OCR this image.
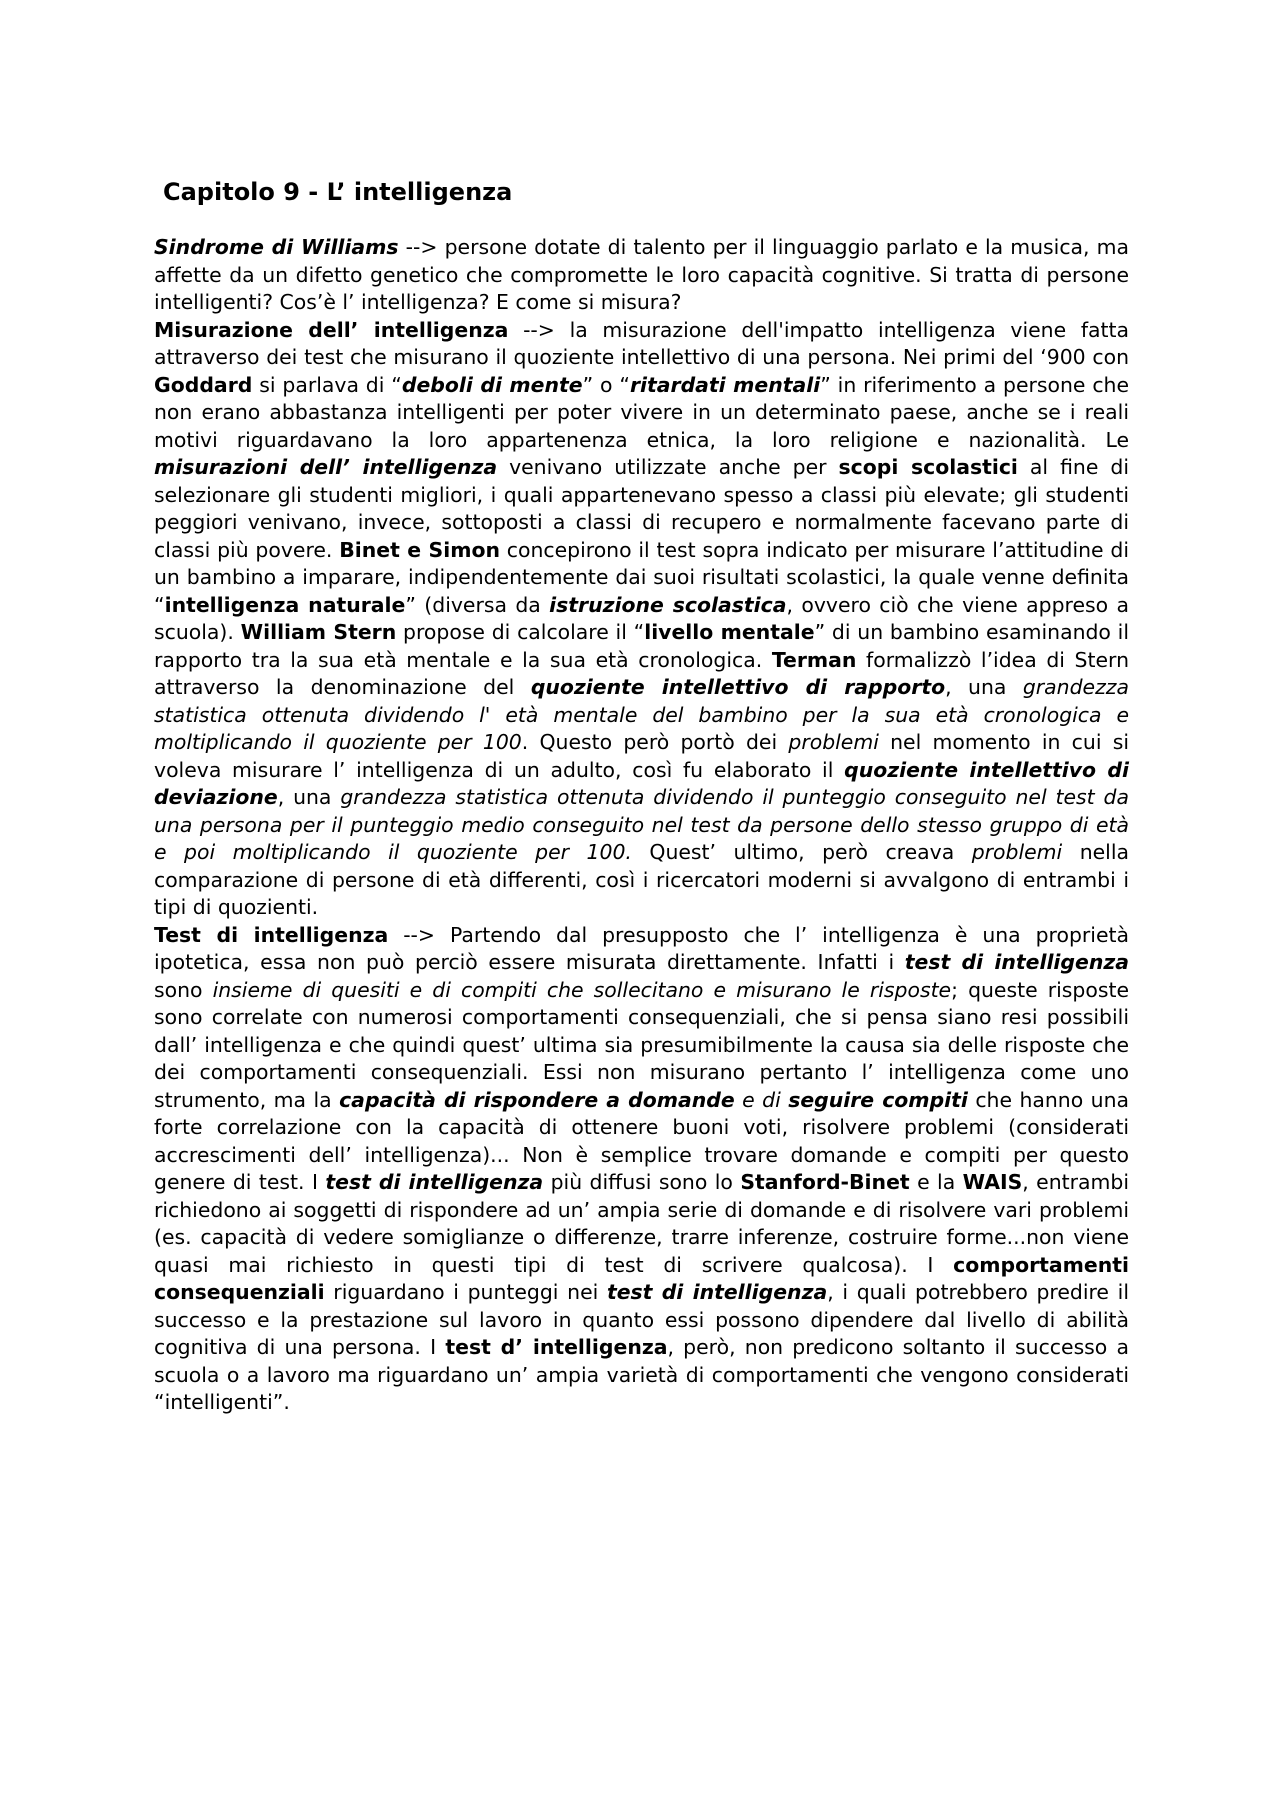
Capitolo 9 - L’ intelligenza

Sindrome di Williams --> persone dotate di talento per il linguaggio parlato e la musica, ma affette da un difetto genetico che compromette le loro capacità cognitive. Si tratta di persone intelligenti? Cos’è l’ intelligenza? E come si misura?

Misurazione dell’ intelligenza --> la misurazione dell'impatto intelligenza viene fatta attraverso dei test che misurano il quoziente intellettivo di una persona. Nei primi del ‘900 con Goddard si parlava di “deboli di mente” o “ritardati mentali” in riferimento a persone che non erano abbastanza intelligenti per poter vivere in un determinato paese, anche se i reali motivi riguardavano la loro appartenenza etnica, la loro religione e nazionalità. Le misurazioni dell’ intelligenza venivano utilizzate anche per scopi scolastici al fine di selezionare gli studenti migliori, i quali appartenevano spesso a classi più elevate; gli studenti peggiori venivano, invece, sottoposti a classi di recupero e normalmente facevano parte di classi più povere. Binet e Simon concepirono il test sopra indicato per misurare l’attitudine di un bambino a imparare, indipendentemente dai suoi risultati scolastici, la quale venne definita “intelligenza naturale” (diversa da istruzione scolastica, ovvero ciò che viene appreso a scuola). William Stern propose di calcolare il “livello mentale” di un bambino esaminando il rapporto tra la sua età mentale e la sua età cronologica. Terman formalizzò l’idea di Stern attraverso la denominazione del quoziente intellettivo di rapporto, una grandezza statistica ottenuta dividendo l' età mentale del bambino per la sua età cronologica e moltiplicando il quoziente per 100. Questo però portò dei problemi nel momento in cui si voleva misurare l’ intelligenza di un adulto, così fu elaborato il quoziente intellettivo di deviazione, una grandezza statistica ottenuta dividendo il punteggio conseguito nel test da una persona per il punteggio medio conseguito nel test da persone dello stesso gruppo di età e poi moltiplicando il quoziente per 100. Quest’ ultimo, però creava problemi nella comparazione di persone di età differenti, così i ricercatori moderni si avvalgono di entrambi i tipi di quozienti.

Test di intelligenza --> Partendo dal presupposto che l’ intelligenza è una proprietà ipotetica, essa non può perciò essere misurata direttamente. Infatti i test di intelligenza sono insieme di quesiti e di compiti che sollecitano e misurano le risposte; queste risposte sono correlate con numerosi comportamenti consequenziali, che si pensa siano resi possibili dall’ intelligenza e che quindi quest’ ultima sia presumibilmente la causa sia delle risposte che dei comportamenti consequenziali. Essi non misurano pertanto l’ intelligenza come uno strumento, ma la capacità di rispondere a domande e di seguire compiti che hanno una forte correlazione con la capacità di ottenere buoni voti, risolvere problemi (considerati accrescimenti dell’ intelligenza)... Non è semplice trovare domande e compiti per questo genere di test. I test di intelligenza più diffusi sono lo Stanford-Binet e la WAIS, entrambi richiedono ai soggetti di rispondere ad un’ ampia serie di domande e di risolvere vari problemi (es. capacità di vedere somiglianze o differenze, trarre inferenze, costruire forme...non viene quasi mai richiesto in questi tipi di test di scrivere qualcosa). I comportamenti consequenziali riguardano i punteggi nei test di intelligenza, i quali potrebbero predire il successo e la prestazione sul lavoro in quanto essi possono dipendere dal livello di abilità cognitiva di una persona. I test d’ intelligenza, però, non predicono soltanto il successo a scuola o a lavoro ma riguardano un’ ampia varietà di comportamenti che vengono considerati “intelligenti”.
